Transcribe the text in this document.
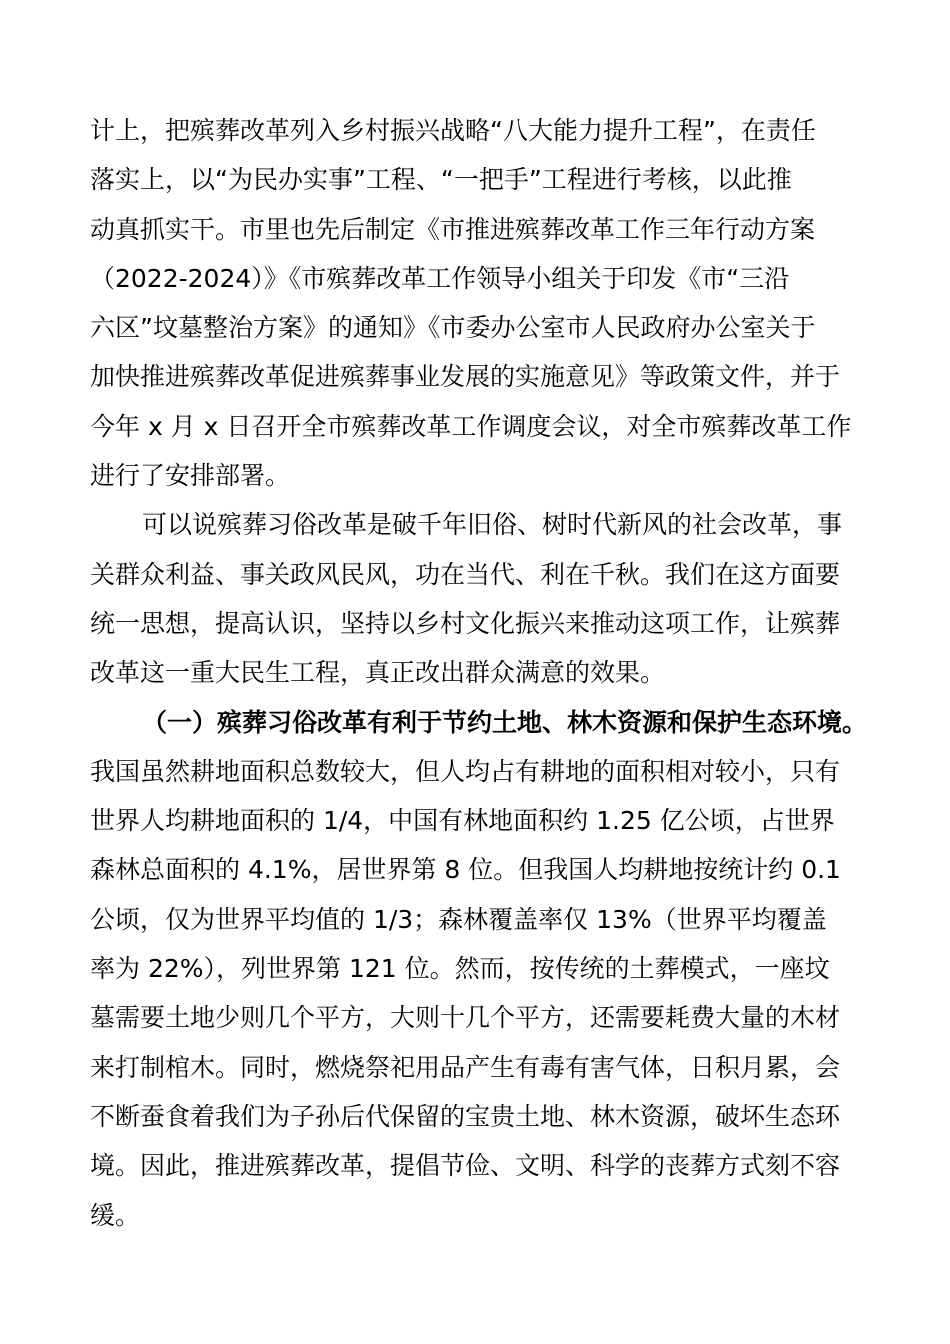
计上，把殡葬改革列入乡村振兴战略“八大能力提升工程”，在责任
落实上，以“为民办实事”工程、“一把手”工程进行考核，以此推
动真抓实干。市里也先后制定《市推进殡葬改革工作三年行动方案
（2022-2024）》《市殡葬改革工作领导小组关于印发《市“三沿
六区”坟墓整治方案》的通知》《市委办公室市人民政府办公室关于
加快推进殡葬改革促进殡葬事业发展的实施意见》等政策文件，并于
今年 x 月 x 日召开全市殡葬改革工作调度会议，对全市殡葬改革工作
进行了安排部署。
可以说殡葬习俗改革是破千年旧俗、树时代新风的社会改革，事
关群众利益、事关政风民风，功在当代、利在千秋。我们在这方面要
统一思想，提高认识，坚持以乡村文化振兴来推动这项工作，让殡葬
改革这一重大民生工程，真正改出群众满意的效果。
（一）殡葬习俗改革有利于节约土地、林木资源和保护生态环境。
我国虽然耕地面积总数较大，但人均占有耕地的面积相对较小，只有
世界人均耕地面积的 1/4，中国有林地面积约 1.25 亿公顷，占世界
森林总面积的 4.1%，居世界第 8 位。但我国人均耕地按统计约 0.1
公顷，仅为世界平均值的 1/3；森林覆盖率仅 13%（世界平均覆盖
率为 22%），列世界第 121 位。然而，按传统的土葬模式，一座坟
墓需要土地少则几个平方，大则十几个平方，还需要耗费大量的木材
来打制棺木。同时，燃烧祭祀用品产生有毒有害气体，日积月累，会
不断蚕食着我们为子孙后代保留的宝贵土地、林木资源，破坏生态环
境。因此，推进殡葬改革，提倡节俭、文明、科学的丧葬方式刻不容
缓。
